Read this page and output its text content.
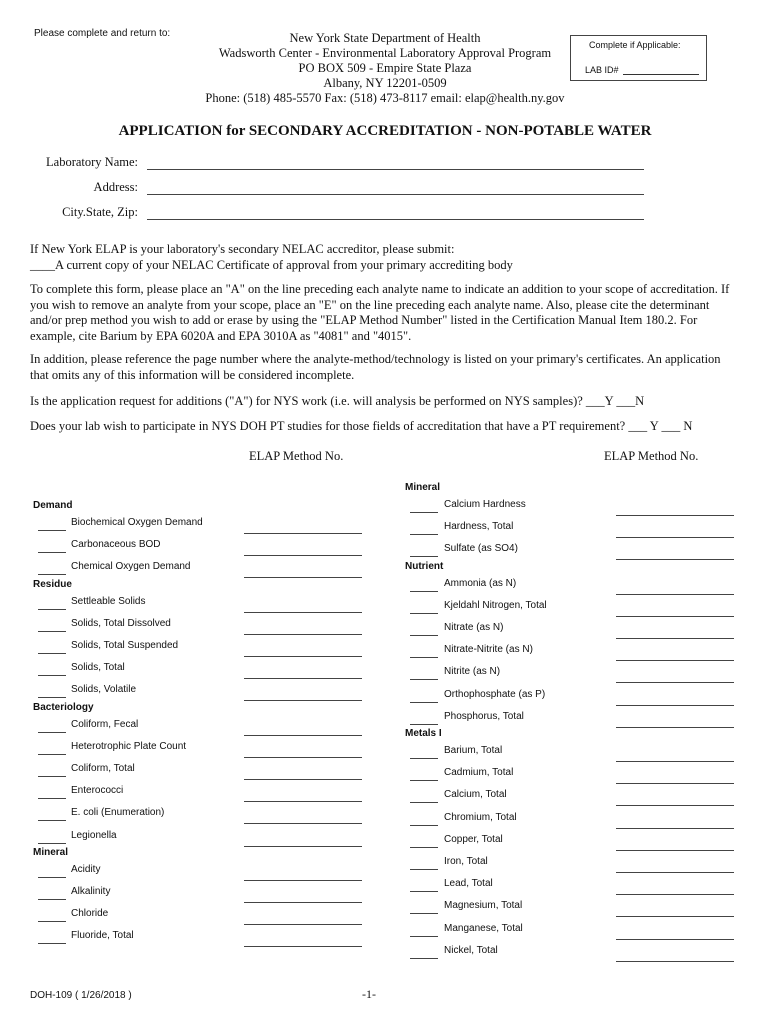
Please complete and return to:	New York State Department of Health
Wadsworth Center - Environmental Laboratory Approval Program
PO BOX 509 - Empire State Plaza
Albany, NY 12201-0509
Phone: (518) 485-5570 Fax: (518) 473-8117 email: elap@health.ny.gov
Complete if Applicable:
LAB ID#
APPLICATION for SECONDARY ACCREDITATION - NON-POTABLE WATER
Laboratory Name:
Address:
City.State, Zip:
If New York ELAP is your laboratory's secondary NELAC accreditor, please submit:
____A current copy of your NELAC Certificate of approval from your primary accrediting body
To complete this form, please place an "A" on the line preceding each analyte name to indicate an addition to your scope of accreditation. If you wish to remove an analyte from your scope, place an "E" on the line preceding each analyte name. Also, please cite the determinant and/or prep method you wish to add or erase by using the "ELAP Method Number" listed in the Certification Manual Item 180.2. For example, cite Barium by EPA 6020A and EPA 3010A as "4081" and "4015".
In addition, please reference the page number where the analyte-method/technology is listed on your primary's certificates. An application that omits any of this information will be considered incomplete.
Is the application request for additions ("A") for NYS work (i.e. will analysis be performed on NYS samples)? ___Y ___N
Does your lab wish to participate in NYS DOH PT studies for those fields of accreditation that have a PT requirement? ___ Y ___ N
ELAP Method No.	ELAP Method No.
Demand
Biochemical Oxygen Demand
Carbonaceous BOD
Chemical Oxygen Demand
Residue
Settleable Solids
Solids, Total Dissolved
Solids, Total Suspended
Solids, Total
Solids, Volatile
Bacteriology
Coliform, Fecal
Heterotrophic Plate Count
Coliform, Total
Enterococci
E. coli (Enumeration)
Legionella
Mineral
Acidity
Alkalinity
Chloride
Fluoride, Total
Mineral
Calcium Hardness
Hardness, Total
Sulfate (as SO4)
Nutrient
Ammonia (as N)
Kjeldahl Nitrogen, Total
Nitrate (as N)
Nitrate-Nitrite (as N)
Nitrite (as N)
Orthophosphate (as P)
Phosphorus, Total
Metals I
Barium, Total
Cadmium, Total
Calcium, Total
Chromium, Total
Copper, Total
Iron, Total
Lead, Total
Magnesium, Total
Manganese, Total
Nickel, Total
DOH-109 ( 1/26/2018 )	-1-
